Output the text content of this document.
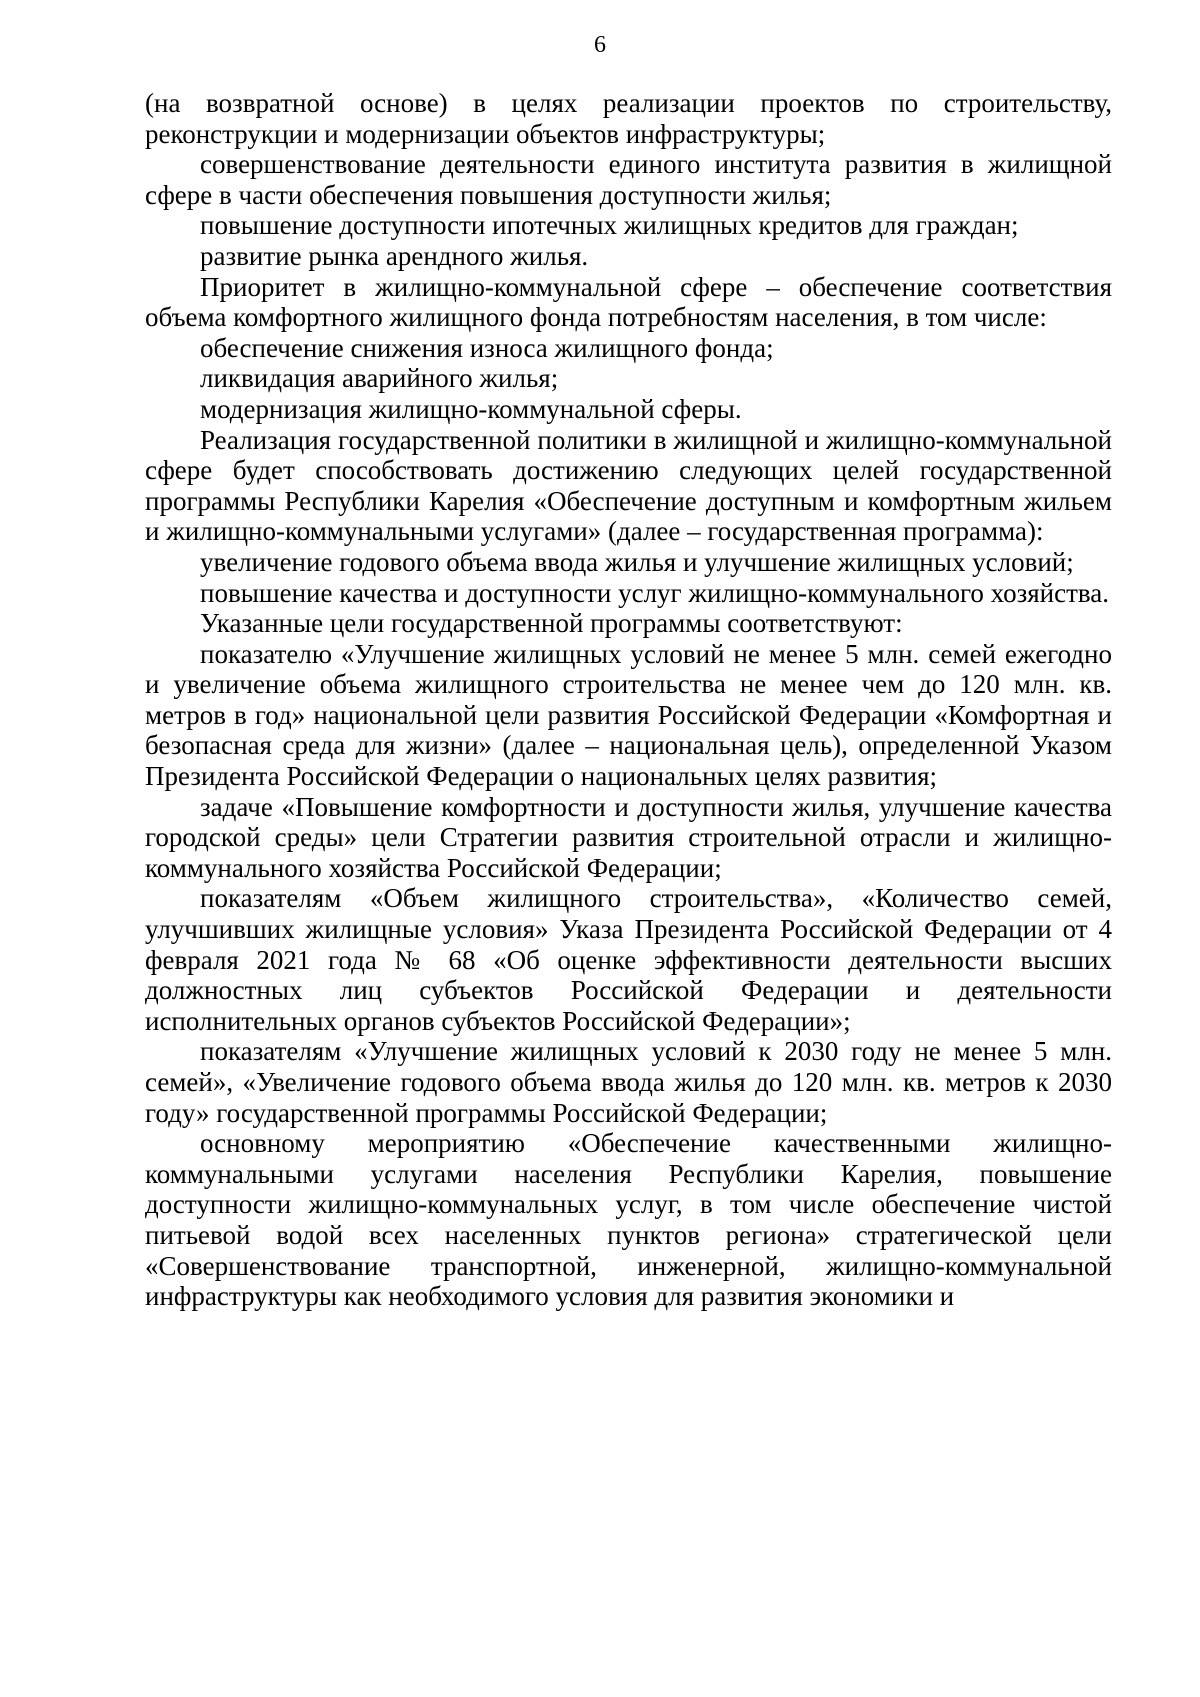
6

(на возвратной основе) в целях реализации проектов по строительству, реконструкции и модернизации объектов инфраструктуры;

совершенствование деятельности единого института развития в жилищной сфере в части обеспечения повышения доступности жилья;

повышение доступности ипотечных жилищных кредитов для граждан;

развитие рынка арендного жилья.

Приоритет в жилищно-коммунальной сфере – обеспечение соответствия объема комфортного жилищного фонда потребностям населения, в том числе:

обеспечение снижения износа жилищного фонда;

ликвидация аварийного жилья;

модернизация жилищно-коммунальной сферы.

Реализация государственной политики в жилищной и жилищно-коммунальной сфере будет способствовать достижению следующих целей государственной программы Республики Карелия «Обеспечение доступным и комфортным жильем и жилищно-коммунальными услугами» (далее – государственная программа):

увеличение годового объема ввода жилья и улучшение жилищных условий;

повышение качества и доступности услуг жилищно-коммунального хозяйства.

Указанные цели государственной программы соответствуют:

показателю «Улучшение жилищных условий не менее 5 млн. семей ежегодно и увеличение объема жилищного строительства не менее чем до 120 млн. кв. метров в год» национальной цели развития Российской Федерации «Комфортная и безопасная среда для жизни» (далее – национальная цель), определенной Указом Президента Российской Федерации о национальных целях развития;

задаче «Повышение комфортности и доступности жилья, улучшение качества городской среды» цели Стратегии развития строительной отрасли и жилищно-коммунального хозяйства Российской Федерации;

показателям «Объем жилищного строительства», «Количество семей, улучшивших жилищные условия» Указа Президента Российской Федерации от 4 февраля 2021 года № 68 «Об оценке эффективности деятельности высших должностных лиц субъектов Российской Федерации и деятельности исполнительных органов субъектов Российской Федерации»;

показателям «Улучшение жилищных условий к 2030 году не менее 5 млн. семей», «Увеличение годового объема ввода жилья до 120 млн. кв. метров к 2030 году» государственной программы Российской Федерации;

основному мероприятию «Обеспечение качественными жилищно-коммунальными услугами населения Республики Карелия, повышение доступности жилищно-коммунальных услуг, в том числе обеспечение чистой питьевой водой всех населенных пунктов региона» стратегической цели «Совершенствование транспортной, инженерной, жилищно-коммунальной инфраструктуры как необходимого условия для развития экономики и
